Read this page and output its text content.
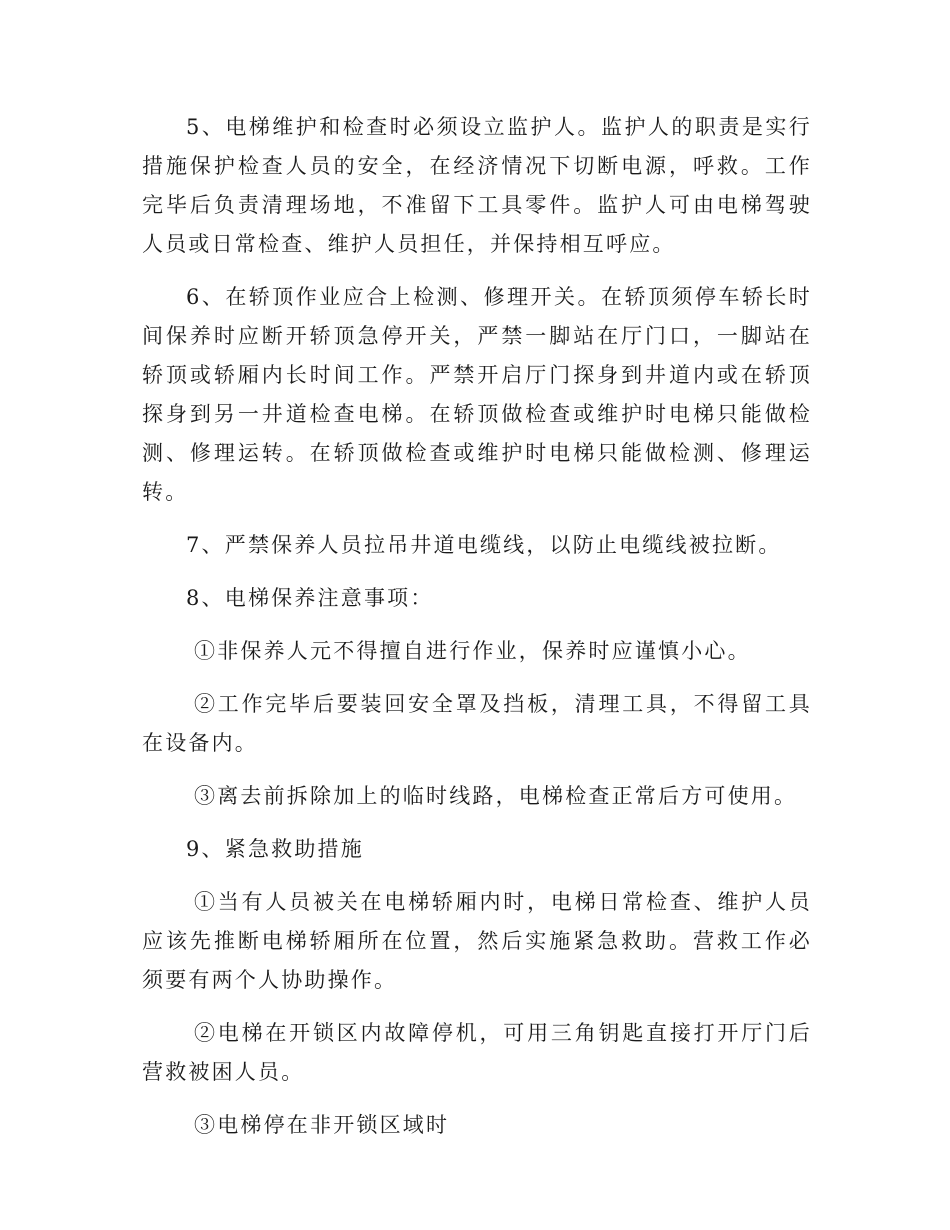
5、电梯维护和检查时必须设立监护人。监护人的职责是实行措施保护检查人员的安全，在经济情况下切断电源，呼救。工作完毕后负责清理场地，不准留下工具零件。监护人可由电梯驾驶人员或日常检查、维护人员担任，并保持相互呼应。

6、在轿顶作业应合上检测、修理开关。在轿顶须停车轿长时间保养时应断开轿顶急停开关，严禁一脚站在厅门口，一脚站在轿顶或轿厢内长时间工作。严禁开启厅门探身到井道内或在轿顶探身到另一井道检查电梯。在轿顶做检查或维护时电梯只能做检测、修理运转。在轿顶做检查或维护时电梯只能做检测、修理运转。

7、严禁保养人员拉吊井道电缆线，以防止电缆线被拉断。

8、电梯保养注意事项：

①非保养人元不得擅自进行作业，保养时应谨慎小心。

②工作完毕后要装回安全罩及挡板，清理工具，不得留工具在设备内。

③离去前拆除加上的临时线路，电梯检查正常后方可使用。

9、紧急救助措施

①当有人员被关在电梯轿厢内时，电梯日常检查、维护人员应该先推断电梯轿厢所在位置，然后实施紧急救助。营救工作必须要有两个人协助操作。

②电梯在开锁区内故障停机，可用三角钥匙直接打开厅门后营救被困人员。

③电梯停在非开锁区域时
